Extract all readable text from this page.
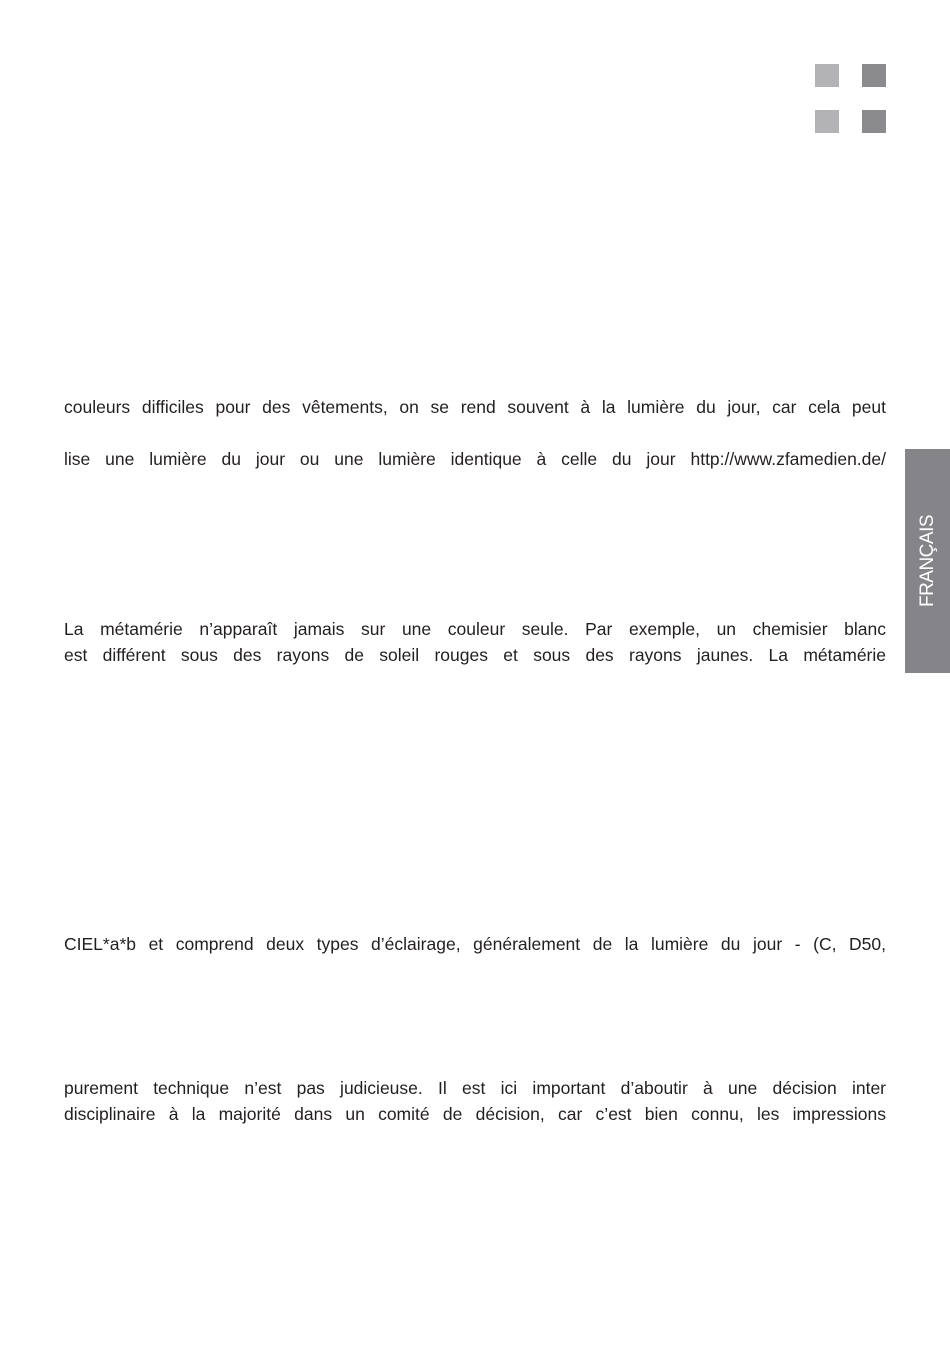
FRANÇAIS
couleurs difficiles pour des vêtements, on se rend souvent à la lumière du jour, car cela peut
lise une lumière du jour ou une lumière identique à celle du jour http://www.zfamedien.de/
La métamérie n’apparaît jamais sur une couleur seule. Par exemple, un chemisier blanc
est différent sous des rayons de soleil rouges et sous des rayons jaunes. La métamérie
CIEL*a*b et comprend deux types d’éclairage, généralement de la lumière du jour - (C, D50,
purement technique n’est pas judicieuse. Il est ici important d’aboutir à une décision inter
disciplinaire à la majorité dans un comité de décision, car c’est bien connu, les impressions
